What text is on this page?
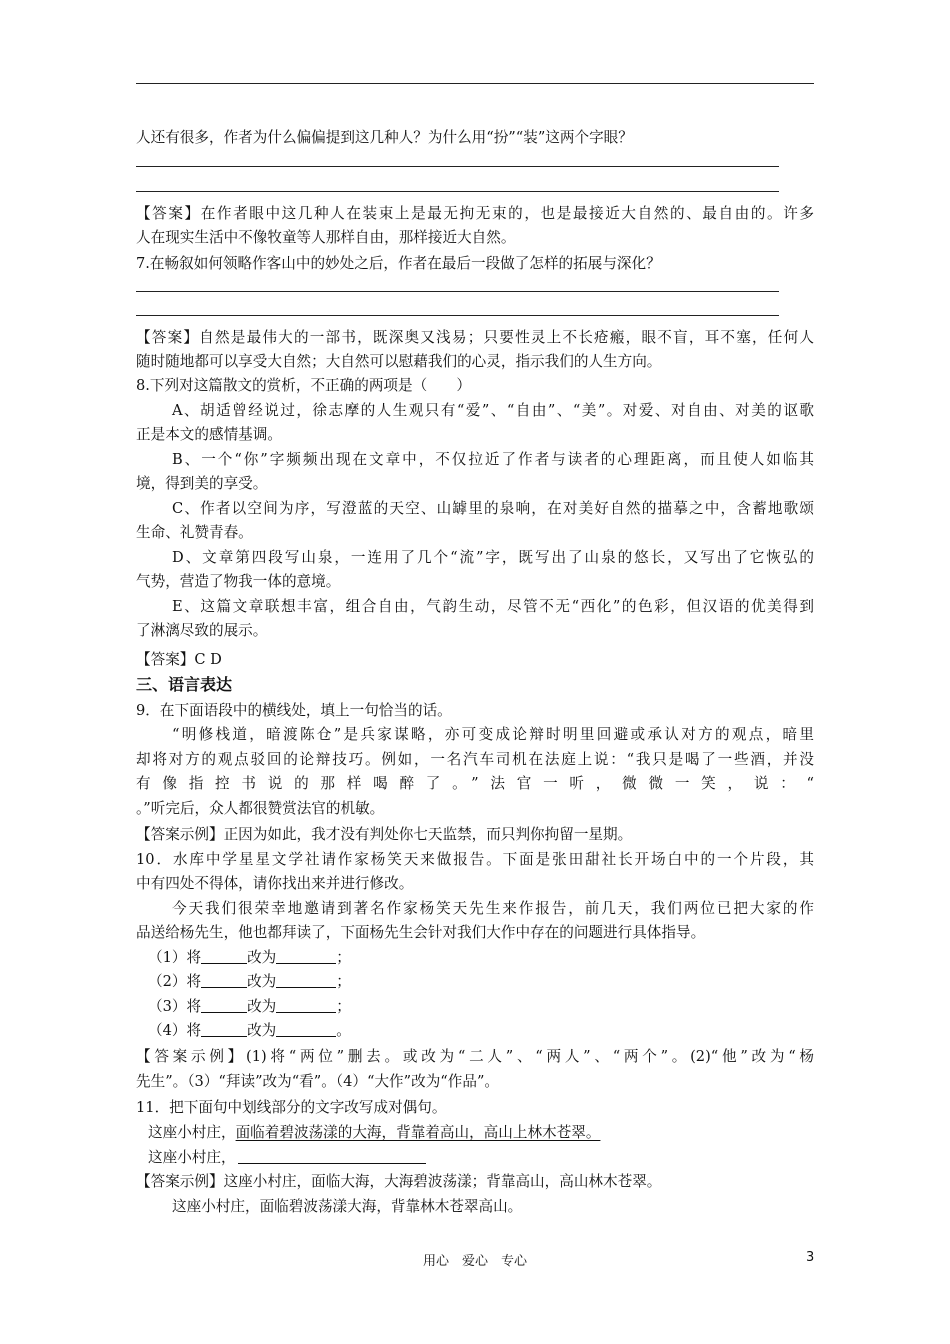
人还有很多，作者为什么偏偏提到这几种人？为什么用“扮”“装”这两个字眼？
【答案】在作者眼中这几种人在装束上是最无拘无束的，也是最接近大自然的、最自由的。许多
人在现实生活中不像牧童等人那样自由，那样接近大自然。
7.在畅叙如何领略作客山中的妙处之后，作者在最后一段做了怎样的拓展与深化？
【答案】自然是最伟大的一部书，既深奥又浅易；只要性灵上不长疮瘢，眼不盲，耳不塞，任何人
随时随地都可以享受大自然；大自然可以慰藉我们的心灵，指示我们的人生方向。
8.下列对这篇散文的赏析，不正确的两项是（　　）
A、胡适曾经说过，徐志摩的人生观只有“爱”、“自由”、“美”。对爱、对自由、对美的讴歌
正是本文的感情基调。
B、一个“你”字频频出现在文章中，不仅拉近了作者与读者的心理距离，而且使人如临其
境，得到美的享受。
C、作者以空间为序，写澄蓝的天空、山罅里的泉响，在对美好自然的描摹之中，含蓄地歌颂
生命、礼赞青春。
D、文章第四段写山泉，一连用了几个“流”字，既写出了山泉的悠长，又写出了它恢弘的
气势，营造了物我一体的意境。
E、这篇文章联想丰富，组合自由，气韵生动，尽管不无“西化”的色彩，但汉语的优美得到
了淋漓尽致的展示。
【答案】C D
三、语言表达
9．在下面语段中的横线处，填上一句恰当的话。
“明修栈道，暗渡陈仓”是兵家谋略，亦可变成论辩时明里回避或承认对方的观点，暗里
却将对方的观点驳回的论辩技巧。例如，一名汽车司机在法庭上说：“我只是喝了一些酒，并没
有像指控书说的那样喝醉了。”法官一听，微微一笑，说：“
。”听完后，众人都很赞赏法官的机敏。
【答案示例】正因为如此，我才没有判处你七天监禁，而只判你拘留一星期。
10．水库中学星星文学社请作家杨笑天来做报告。下面是张田甜社长开场白中的一个片段，其
中有四处不得体，请你找出来并进行修改。
今天我们很荣幸地邀请到著名作家杨笑天先生来作报告，前几天，我们两位已把大家的作
品送给杨先生，他也都拜读了，下面杨先生会针对我们大作中存在的问题进行具体指导。
（1）将	改为	；
（2）将	改为	；
（3）将	改为	；
（4）将	改为	。
【答案示例】(1)将“两位”删去。或改为“二人”、“两人”、“两个”。(2)“他”改为“杨
先生”。（3）“拜读”改为“看”。（4）“大作”改为“作品”。
11．把下面句中划线部分的文字改写成对偶句。
这座小村庄，面临着碧波荡漾的大海，背靠着高山，高山上林木苍翠。
这座小村庄，
【答案示例】这座小村庄，面临大海，大海碧波荡漾；背靠高山，高山林木苍翠。
这座小村庄，面临碧波荡漾大海，背靠林木苍翠高山。
用心　爱心　专心	3
